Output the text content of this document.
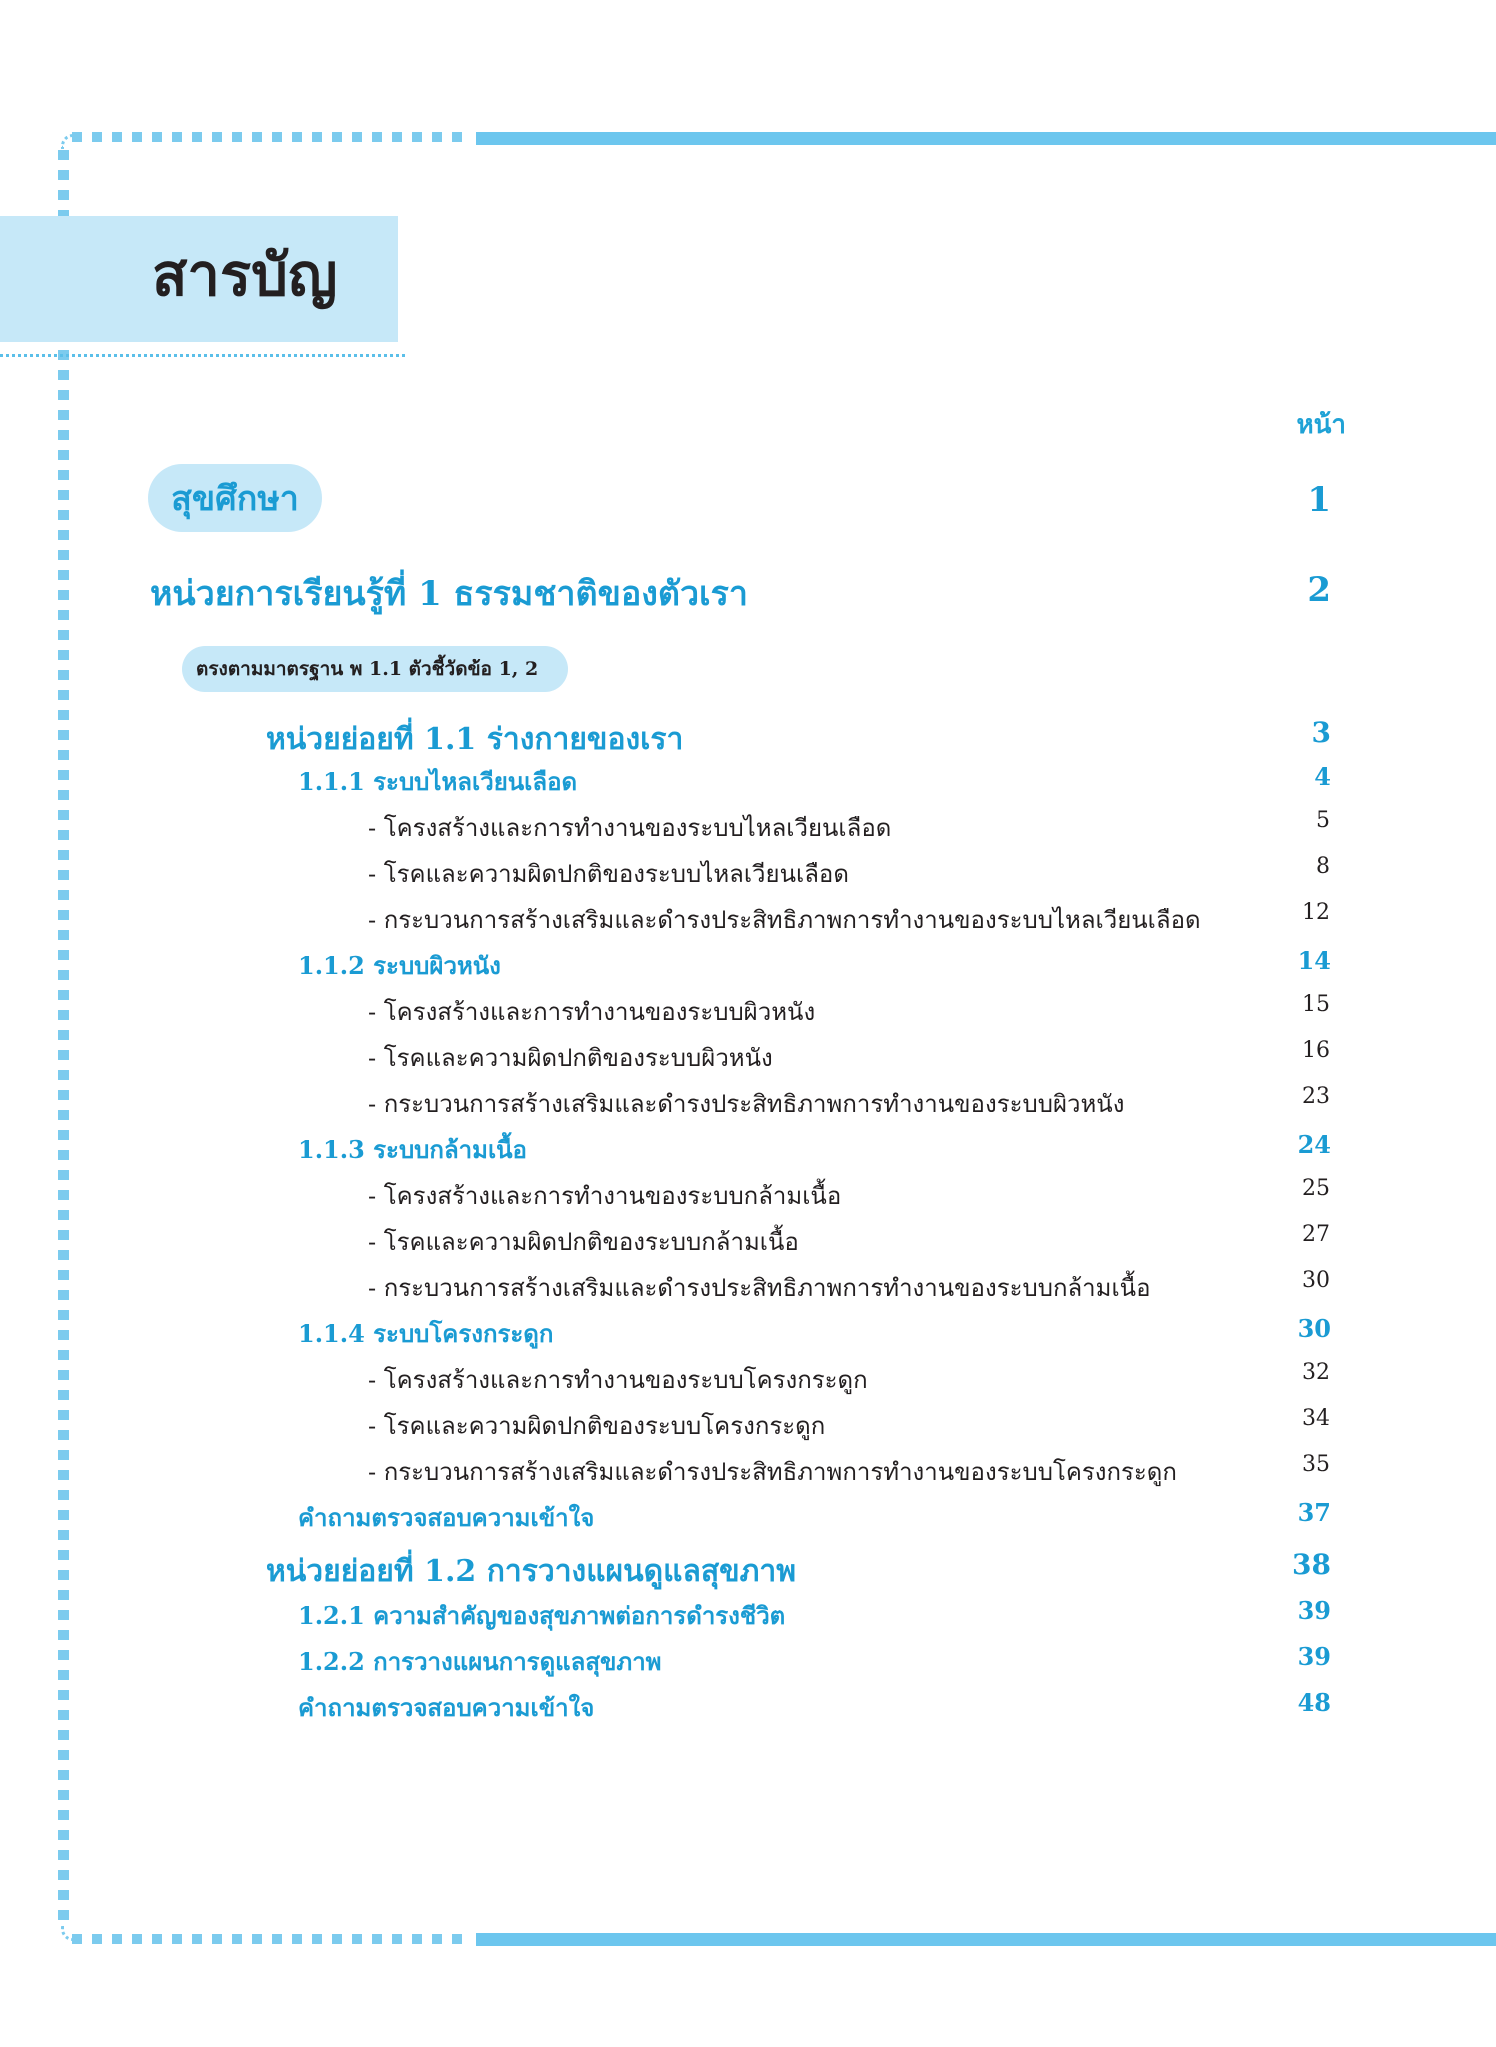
สารบัญ
หน้า
สุขศึกษา	1
หน่วยการเรียนรู้ที่ 1 ธรรมชาติของตัวเรา	2
ตรงตามมาตรฐาน พ 1.1 ตัวชี้วัดข้อ 1, 2
หน่วยย่อยที่ 1.1 ร่างกายของเรา	3
1.1.1 ระบบไหลเวียนเลือด	4
- โครงสร้างและการทำงานของระบบไหลเวียนเลือด	5
- โรคและความผิดปกติของระบบไหลเวียนเลือด	8
- กระบวนการสร้างเสริมและดำรงประสิทธิภาพการทำงานของระบบไหลเวียนเลือด	12
1.1.2 ระบบผิวหนัง	14
- โครงสร้างและการทำงานของระบบผิวหนัง	15
- โรคและความผิดปกติของระบบผิวหนัง	16
- กระบวนการสร้างเสริมและดำรงประสิทธิภาพการทำงานของระบบผิวหนัง	23
1.1.3 ระบบกล้ามเนื้อ	24
- โครงสร้างและการทำงานของระบบกล้ามเนื้อ	25
- โรคและความผิดปกติของระบบกล้ามเนื้อ	27
- กระบวนการสร้างเสริมและดำรงประสิทธิภาพการทำงานของระบบกล้ามเนื้อ	30
1.1.4 ระบบโครงกระดูก	30
- โครงสร้างและการทำงานของระบบโครงกระดูก	32
- โรคและความผิดปกติของระบบโครงกระดูก	34
- กระบวนการสร้างเสริมและดำรงประสิทธิภาพการทำงานของระบบโครงกระดูก	35
คำถามตรวจสอบความเข้าใจ	37
หน่วยย่อยที่ 1.2 การวางแผนดูแลสุขภาพ	38
1.2.1 ความสำคัญของสุขภาพต่อการดำรงชีวิต	39
1.2.2 การวางแผนการดูแลสุขภาพ	39
คำถามตรวจสอบความเข้าใจ	48
